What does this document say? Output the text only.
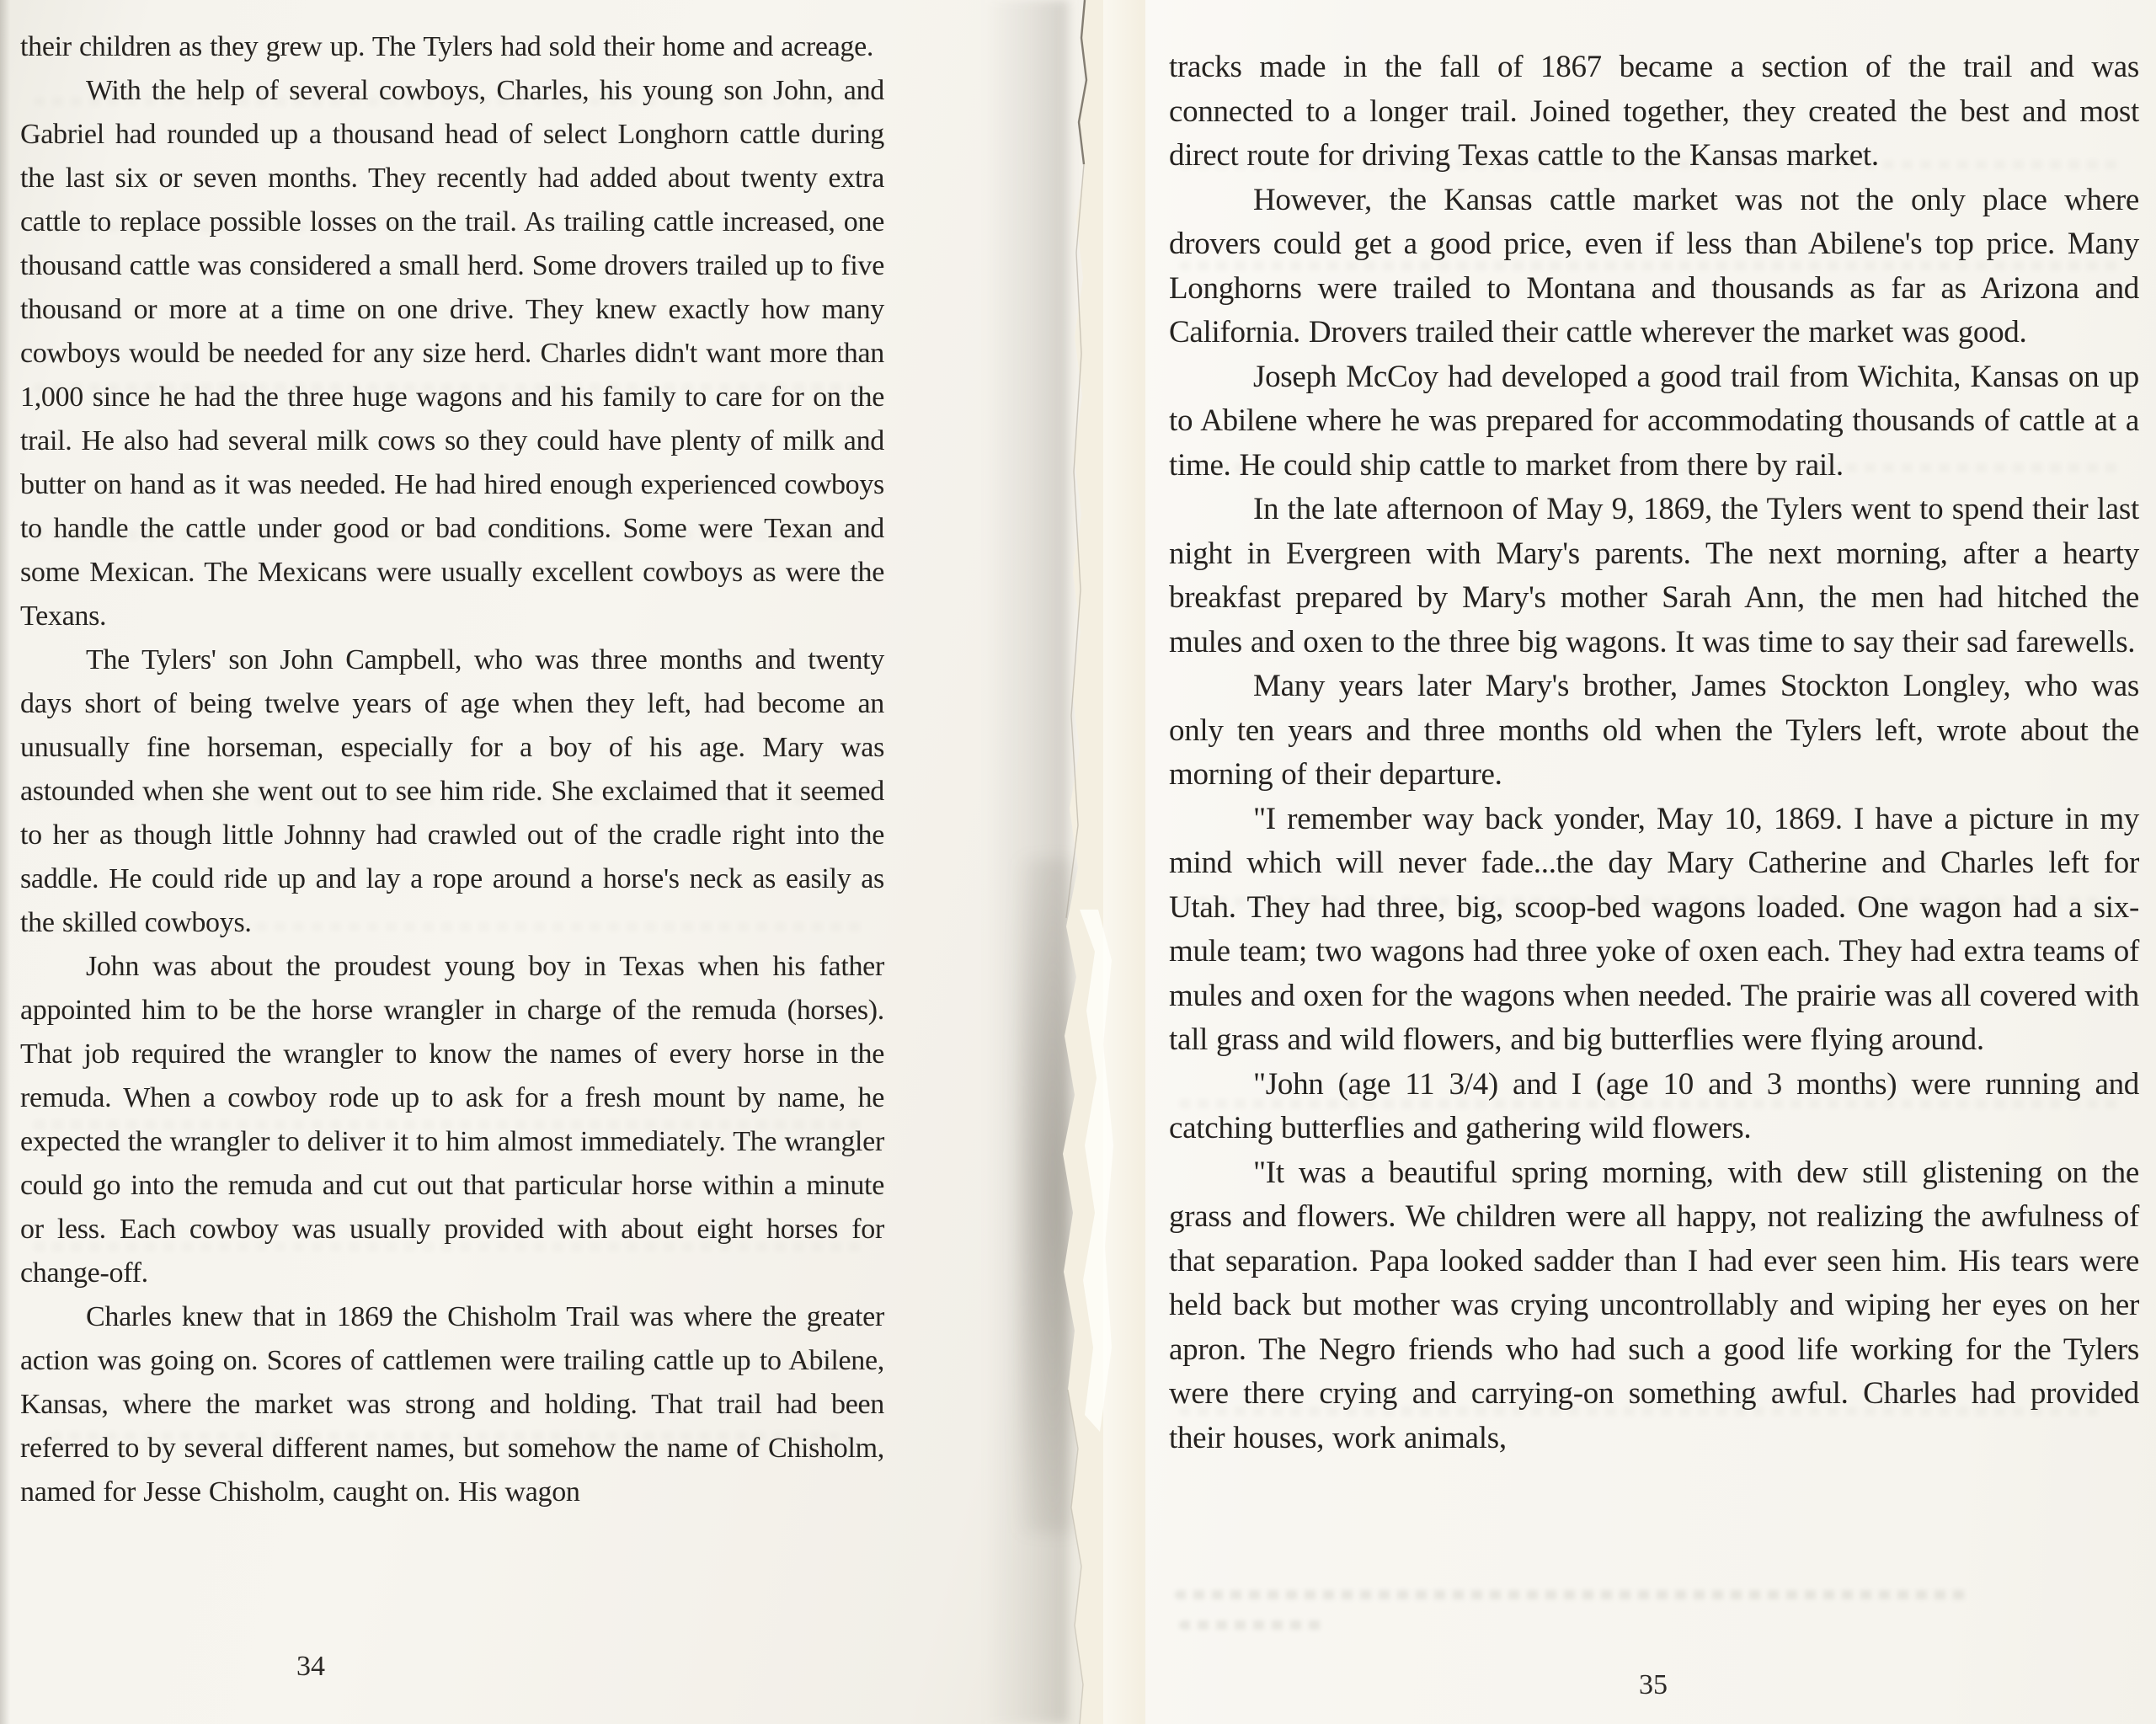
their children as they grew up. The Tylers had sold their home and acreage.

With the help of several cowboys, Charles, his young son John, and Gabriel had rounded up a thousand head of select Longhorn cattle during the last six or seven months. They recently had added about twenty extra cattle to replace possible losses on the trail. As trailing cattle increased, one thousand cattle was considered a small herd. Some drovers trailed up to five thousand or more at a time on one drive. They knew exactly how many cowboys would be needed for any size herd. Charles didn't want more than 1,000 since he had the three huge wagons and his family to care for on the trail. He also had several milk cows so they could have plenty of milk and butter on hand as it was needed. He had hired enough experienced cowboys to handle the cattle under good or bad conditions. Some were Texan and some Mexican. The Mexicans were usually excellent cowboys as were the Texans.

The Tylers' son John Campbell, who was three months and twenty days short of being twelve years of age when they left, had become an unusually fine horseman, especially for a boy of his age. Mary was astounded when she went out to see him ride. She exclaimed that it seemed to her as though little Johnny had crawled out of the cradle right into the saddle. He could ride up and lay a rope around a horse's neck as easily as the skilled cowboys.

John was about the proudest young boy in Texas when his father appointed him to be the horse wrangler in charge of the remuda (horses). That job required the wrangler to know the names of every horse in the remuda. When a cowboy rode up to ask for a fresh mount by name, he expected the wrangler to deliver it to him almost immediately. The wrangler could go into the remuda and cut out that particular horse within a minute or less. Each cowboy was usually provided with about eight horses for change-off.

Charles knew that in 1869 the Chisholm Trail was where the greater action was going on. Scores of cattlemen were trailing cattle up to Abilene, Kansas, where the market was strong and holding. That trail had been referred to by several different names, but somehow the name of Chisholm, named for Jesse Chisholm, caught on. His wagon

34

tracks made in the fall of 1867 became a section of the trail and was connected to a longer trail. Joined together, they created the best and most direct route for driving Texas cattle to the Kansas market.

However, the Kansas cattle market was not the only place where drovers could get a good price, even if less than Abilene's top price. Many Longhorns were trailed to Montana and thousands as far as Arizona and California. Drovers trailed their cattle wherever the market was good.

Joseph McCoy had developed a good trail from Wichita, Kansas on up to Abilene where he was prepared for accommodating thousands of cattle at a time. He could ship cattle to market from there by rail.

In the late afternoon of May 9, 1869, the Tylers went to spend their last night in Evergreen with Mary's parents. The next morning, after a hearty breakfast prepared by Mary's mother Sarah Ann, the men had hitched the mules and oxen to the three big wagons. It was time to say their sad farewells.

Many years later Mary's brother, James Stockton Longley, who was only ten years and three months old when the Tylers left, wrote about the morning of their departure.

"I remember way back yonder, May 10, 1869. I have a picture in my mind which will never fade...the day Mary Catherine and Charles left for Utah. They had three, big, scoop-bed wagons loaded. One wagon had a six-mule team; two wagons had three yoke of oxen each. They had extra teams of mules and oxen for the wagons when needed. The prairie was all covered with tall grass and wild flowers, and big butterflies were flying around.

"John (age 11 3/4) and I (age 10 and 3 months) were running and catching butterflies and gathering wild flowers.

"It was a beautiful spring morning, with dew still glistening on the grass and flowers. We children were all happy, not realizing the awfulness of that separation. Papa looked sadder than I had ever seen him. His tears were held back but mother was crying uncontrollably and wiping her eyes on her apron. The Negro friends who had such a good life working for the Tylers were there crying and carrying-on something awful. Charles had provided their houses, work animals,

35
